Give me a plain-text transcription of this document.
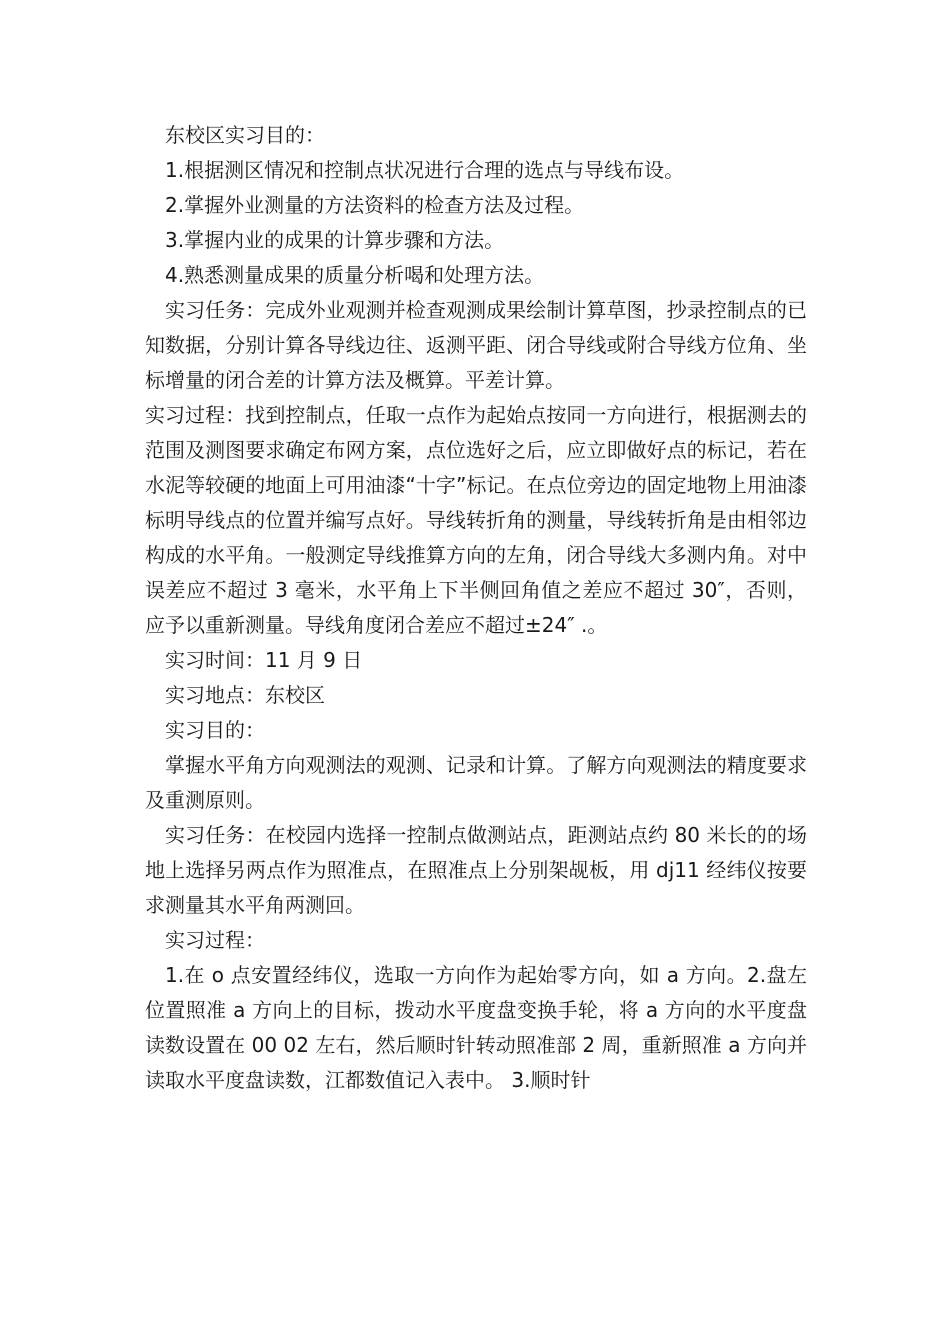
东校区实习目的：

1.根据测区情况和控制点状况进行合理的选点与导线布设。

2.掌握外业测量的方法资料的检查方法及过程。

3.掌握内业的成果的计算步骤和方法。

4.熟悉测量成果的质量分析喝和处理方法。

实习任务：完成外业观测并检查观测成果绘制计算草图，抄录控制点的已知数据，分别计算各导线边往、返测平距、闭合导线或附合导线方位角、坐标增量的闭合差的计算方法及概算。平差计算。

实习过程：找到控制点，任取一点作为起始点按同一方向进行，根据测去的范围及测图要求确定布网方案，点位选好之后，应立即做好点的标记，若在水泥等较硬的地面上可用油漆“十字”标记。在点位旁边的固定地物上用油漆标明导线点的位置并编写点好。导线转折角的测量，导线转折角是由相邻边构成的水平角。一般测定导线推算方向的左角，闭合导线大多测内角。对中误差应不超过 3 毫米，水平角上下半侧回角值之差应不超过 30″，否则，应予以重新测量。导线角度闭合差应不超过±24″ .。

实习时间：11 月 9 日

实习地点：东校区

实习目的：

掌握水平角方向观测法的观测、记录和计算。了解方向观测法的精度要求及重测原则。

实习任务：在校园内选择一控制点做测站点，距测站点约 80 米长的的场地上选择另两点作为照准点，在照准点上分别架觇板，用 dj11 经纬仪按要求测量其水平角两测回。

实习过程：

1.在 o 点安置经纬仪，选取一方向作为起始零方向，如 a 方向。2.盘左位置照准 a 方向上的目标，拨动水平度盘变换手轮，将 a 方向的水平度盘读数设置在 00 02 左右，然后顺时针转动照准部 2 周，重新照准 a 方向并读取水平度盘读数，江都数值记入表中。 3.顺时针
